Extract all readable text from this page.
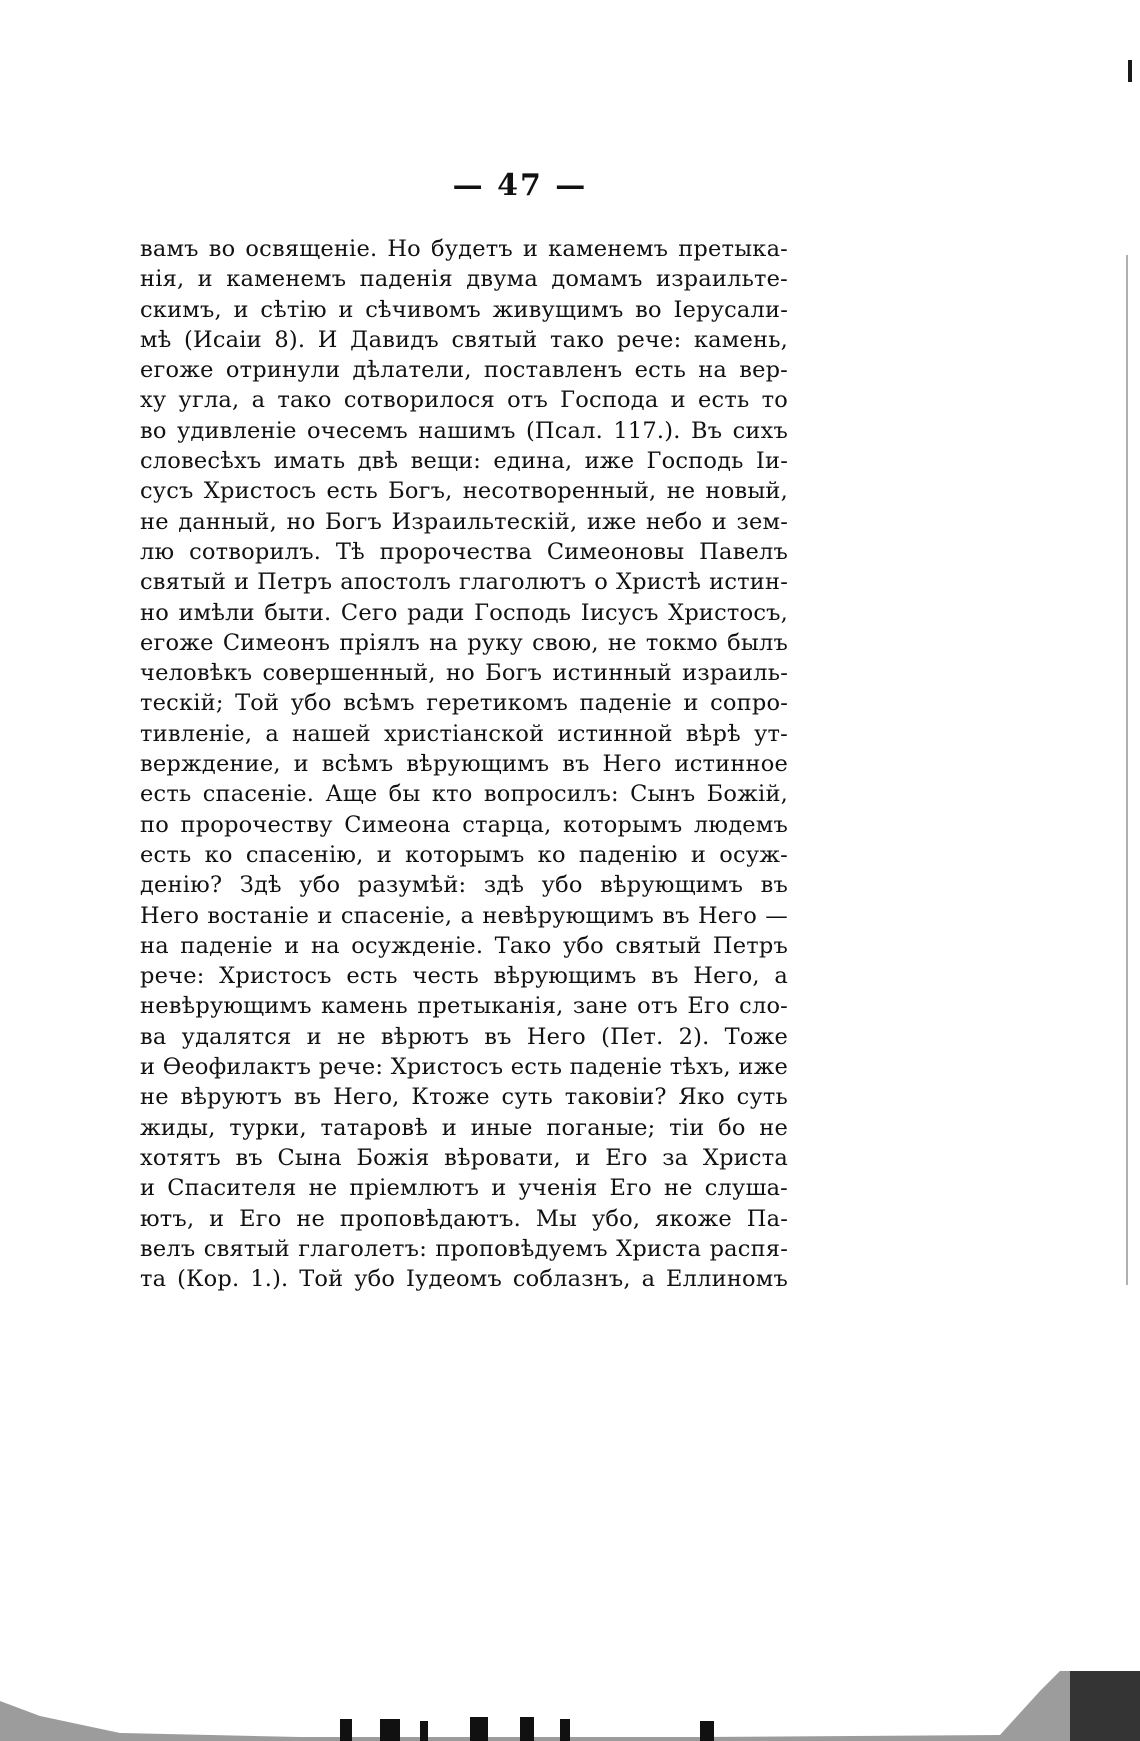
— 47 —
вамъ во освященіе. Но будетъ и каменемъ претыка-
нія, и каменемъ паденія двума домамъ израильте-
скимъ, и сѣтію и сѣчивомъ живущимъ во Іерусали-
мѣ (Исаіи 8). И Давидъ святый тако рече: камень,
егоже отринули дѣлатели, поставленъ есть на вер-
ху угла, а тако сотворилося отъ Господа и есть то
во удивленіе очесемъ нашимъ (Псал. 117.). Въ сихъ
словесѣхъ имать двѣ вещи: едина, иже Господь Іи-
сусъ Христосъ есть Богъ, несотворенный, не новый,
не данный, но Богъ Израильтескій, иже небо и зем-
лю сотворилъ. Тѣ пророчества Симеоновы Павелъ
святый и Петръ апостолъ глаголютъ о Христѣ истин-
но имѣли быти. Сего ради Господь Іисусъ Христосъ,
егоже Симеонъ пріялъ на руку свою, не токмо былъ
человѣкъ совершенный, но Богъ истинный израиль-
тескій; Той убо всѣмъ геретикомъ паденіе и сопро-
тивленіе, а нашей христіанской истинной вѣрѣ ут-
верждение, и всѣмъ вѣрующимъ въ Него истинное
есть спасеніе. Аще бы кто вопросилъ: Сынъ Божій,
по пророчеству Симеона старца, которымъ людемъ
есть ко спасенію, и которымъ ко паденію и осуж-
денію? Здѣ убо разумѣй: здѣ убо вѣрующимъ въ
Него востаніе и спасеніе, а невѣрующимъ въ Него —
на паденіе и на осужденіе. Тако убо святый Петръ
рече: Христосъ есть честь вѣрующимъ въ Него, а
невѣрующимъ камень претыканія, зане отъ Его сло-
ва удалятся и не вѣрютъ въ Него (Пет. 2). Тоже
и Өеофилактъ рече: Христосъ есть паденіе тѣхъ, иже
не вѣруютъ въ Него, Ктоже суть таковіи? Яко суть
жиды, турки, татаровѣ и иные поганые; тіи бо не
хотятъ въ Сына Божія вѣровати, и Его за Христа
и Спасителя не пріемлютъ и ученія Его не слуша-
ютъ, и Его не проповѣдаютъ. Мы убо, якоже Па-
велъ святый глаголетъ: проповѣдуемъ Христа распя-
та (Кор. 1.). Той убо Іудеомъ соблазнъ, а Еллиномъ
